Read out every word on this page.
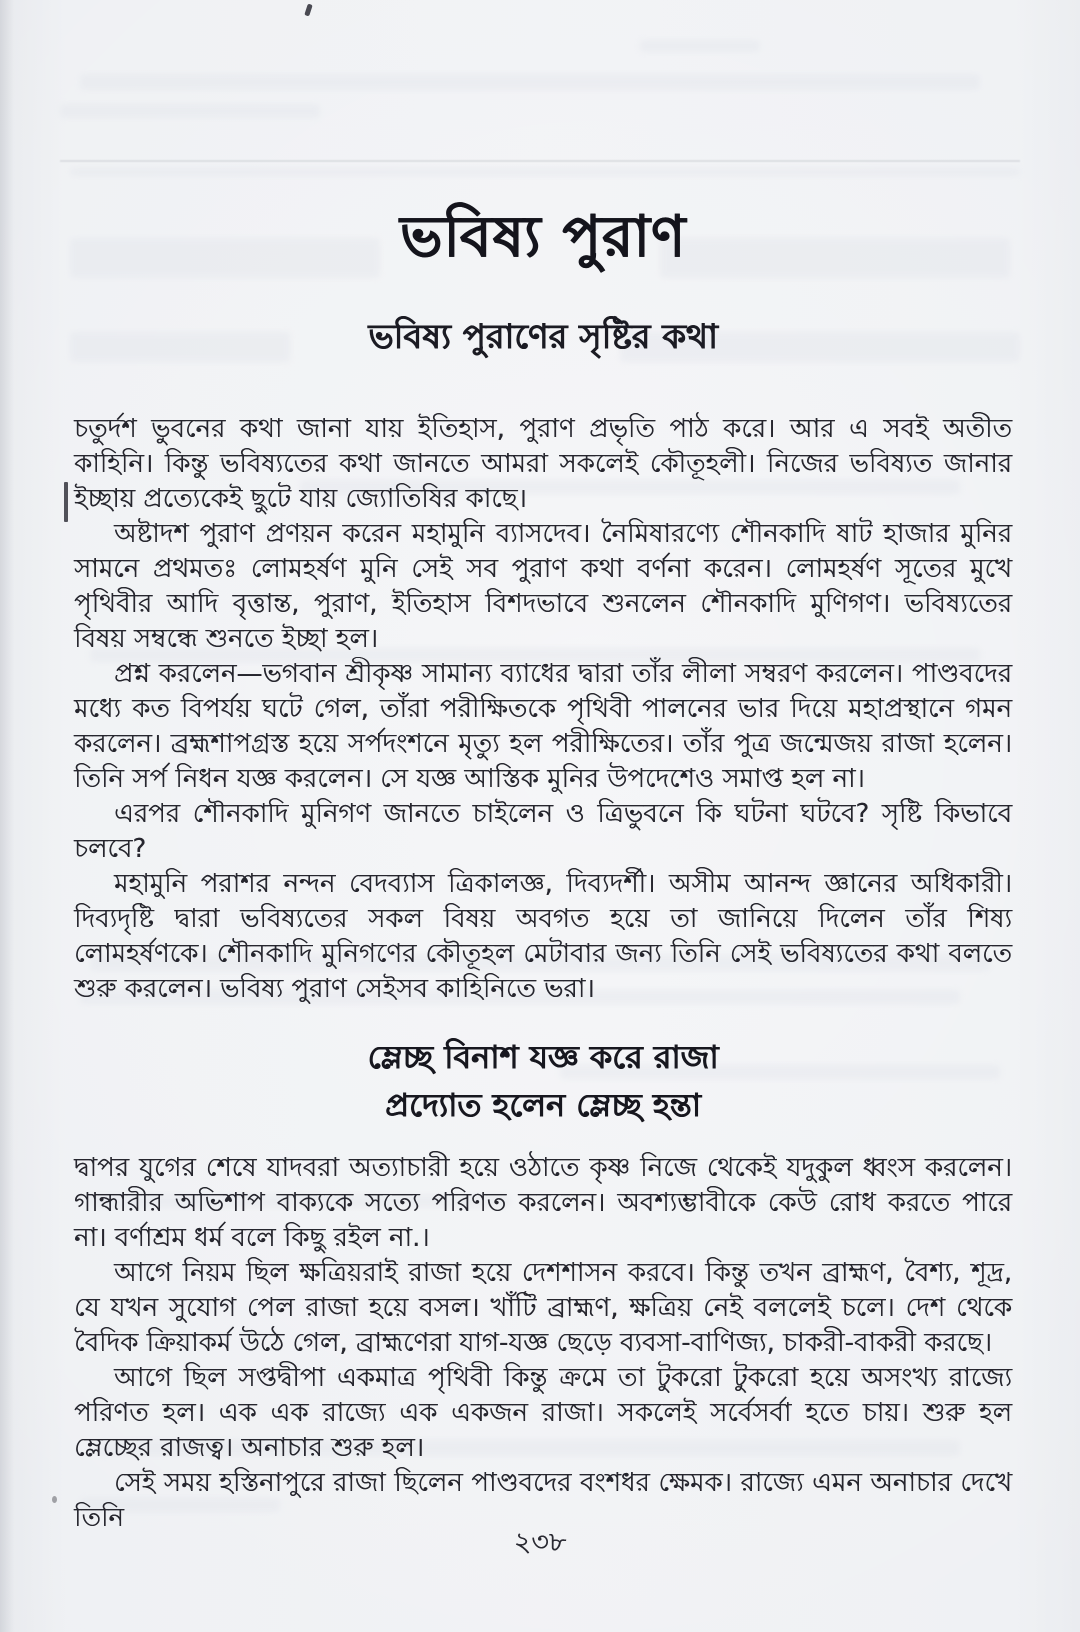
ভবিষ্য পুরাণ
ভবিষ্য পুরাণের সৃষ্টির কথা

চতুর্দশ ভুবনের কথা জানা যায় ইতিহাস, পুরাণ প্রভৃতি পাঠ করে। আর এ সবই অতীত কাহিনি। কিন্তু ভবিষ্যতের কথা জানতে আমরা সকলেই কৌতূহলী। নিজের ভবিষ্যত জানার ইচ্ছায় প্রত্যেকেই ছুটে যায় জ্যোতিষির কাছে।

অষ্টাদশ পুরাণ প্রণয়ন করেন মহামুনি ব্যাসদেব। নৈমিষারণ্যে শৌনকাদি ষাট হাজার মুনির সামনে প্রথমতঃ লোমহর্ষণ মুনি সেই সব পুরাণ কথা বর্ণনা করেন। লোমহর্ষণ সূতের মুখে পৃথিবীর আদি বৃত্তান্ত, পুরাণ, ইতিহাস বিশদভাবে শুনলেন শৌনকাদি মুণিগণ। ভবিষ্যতের বিষয় সম্বন্ধে শুনতে ইচ্ছা হল।

প্রশ্ন করলেন—ভগবান শ্রীকৃষ্ণ সামান্য ব্যাধের দ্বারা তাঁর লীলা সম্বরণ করলেন। পাণ্ডবদের মধ্যে কত বিপর্যয় ঘটে গেল, তাঁরা পরীক্ষিতকে পৃথিবী পালনের ভার দিয়ে মহাপ্রস্থানে গমন করলেন। ব্রহ্মশাপগ্রস্ত হয়ে সর্পদংশনে মৃত্যু হল পরীক্ষিতের। তাঁর পুত্র জন্মেজয় রাজা হলেন। তিনি সর্প নিধন যজ্ঞ করলেন। সে যজ্ঞ আস্তিক মুনির উপদেশেও সমাপ্ত হল না।

এরপর শৌনকাদি মুনিগণ জানতে চাইলেন ও ত্রিভুবনে কি ঘটনা ঘটবে? সৃষ্টি কিভাবে চলবে?

মহামুনি পরাশর নন্দন বেদব্যাস ত্রিকালজ্ঞ, দিব্যদর্শী। অসীম আনন্দ জ্ঞানের অধিকারী। দিব্যদৃষ্টি দ্বারা ভবিষ্যতের সকল বিষয় অবগত হয়ে তা জানিয়ে দিলেন তাঁর শিষ্য লোমহর্ষণকে। শৌনকাদি মুনিগণের কৌতূহল মেটাবার জন্য তিনি সেই ভবিষ্যতের কথা বলতে শুরু করলেন। ভবিষ্য পুরাণ সেইসব কাহিনিতে ভরা।

ম্লেচ্ছ বিনাশ যজ্ঞ করে রাজা
প্রদ্যোত হলেন ম্লেচ্ছ হন্তা

দ্বাপর যুগের শেষে যাদবরা অত্যাচারী হয়ে ওঠাতে কৃষ্ণ নিজে থেকেই যদুকুল ধ্বংস করলেন। গান্ধারীর অভিশাপ বাক্যকে সত্যে পরিণত করলেন। অবশ্যম্ভাবীকে কেউ রোধ করতে পারে না। বর্ণাশ্রম ধর্ম বলে কিছু রইল না.।

আগে নিয়ম ছিল ক্ষত্রিয়রাই রাজা হয়ে দেশশাসন করবে। কিন্তু তখন ব্রাহ্মণ, বৈশ্য, শূদ্র, যে যখন সুযোগ পেল রাজা হয়ে বসল। খাঁটি ব্রাহ্মণ, ক্ষত্রিয় নেই বললেই চলে। দেশ থেকে বৈদিক ক্রিয়াকর্ম উঠে গেল, ব্রাহ্মণেরা যাগ-যজ্ঞ ছেড়ে ব্যবসা-বাণিজ্য, চাকরী-বাকরী করছে।

আগে ছিল সপ্তদ্বীপা একমাত্র পৃথিবী কিন্তু ক্রমে তা টুকরো টুকরো হয়ে অসংখ্য রাজ্যে পরিণত হল। এক এক রাজ্যে এক একজন রাজা। সকলেই সর্বেসর্বা হতে চায়। শুরু হল ম্লেচ্ছের রাজত্ব। অনাচার শুরু হল।

সেই সময় হস্তিনাপুরে রাজা ছিলেন পাণ্ডবদের বংশধর ক্ষেমক। রাজ্যে এমন অনাচার দেখে তিনি

২৩৮
